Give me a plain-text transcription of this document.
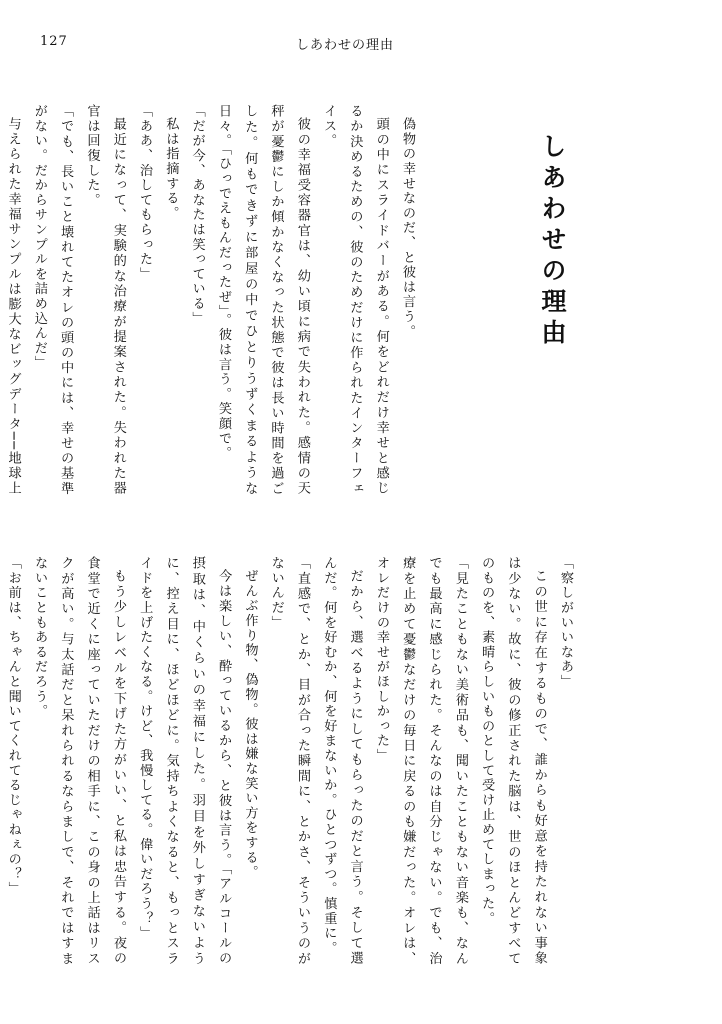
127	しあわせの理由
しあわせの理由

偽物の幸せなのだ、と彼は言う。

頭の中にスライドバーがある。何をどれだけ幸せと感じるか決めるための、彼のためだけに作られたインターフェイス。

彼の幸福受容器官は、幼い頃に病で失われた。感情の天秤が憂鬱にしか傾かなくなった状態で彼は長い時間を過ごした。何もできずに部屋の中でひとりうずくまるような日々。「ひっでえもんだったぜ」。彼は言う。笑顔で。

「だが今、あなたは笑っている」

私は指摘する。

「ああ、治してもらった」

最近になって、実験的な治療が提案された。失われた器官は回復した。

「でも、長いこと壊れてたオレの頭の中には、幸せの基準がない。だからサンプルを詰め込んだ」

与えられた幸福サンプルは膨大なビッグデータ──地球上

「察しがいいなあ」

この世に存在するもので、誰からも好意を持たれない事象は少ない。故に、彼の修正された脳は、世のほとんどすべてのものを、素晴らしいものとして受け止めてしまった。

「見たこともない美術品も、聞いたこともない音楽も、なんでも最高に感じられた。そんなのは自分じゃない。でも、治療を止めて憂鬱なだけの毎日に戻るのも嫌だった。オレは、オレだけの幸せがほしかった」

だから、選べるようにしてもらったのだと言う。そして選んだ。何を好むか、何を好まないか。ひとつずつ。慎重に。

「直感で、とか、目が合った瞬間に、とかさ、そういうのがないんだ」

ぜんぶ作り物、偽物。彼は嫌な笑い方をする。

今は楽しい、酔っているから、と彼は言う。「アルコールの摂取は、中くらいの幸福にした。羽目を外しすぎないように、控え目に、ほどほどに。気持ちよくなると、もっとスライドを上げたくなる。けど、我慢してる。偉いだろう？」

もう少しレベルを下げた方がいい、と私は忠告する。夜の食堂で近くに座っていただけの相手に、この身の上話はリスクが高い。与太話だと呆れられるならましで、それではすまないこともあるだろう。

「お前は、ちゃんと聞いてくれてるじゃねぇの？」
